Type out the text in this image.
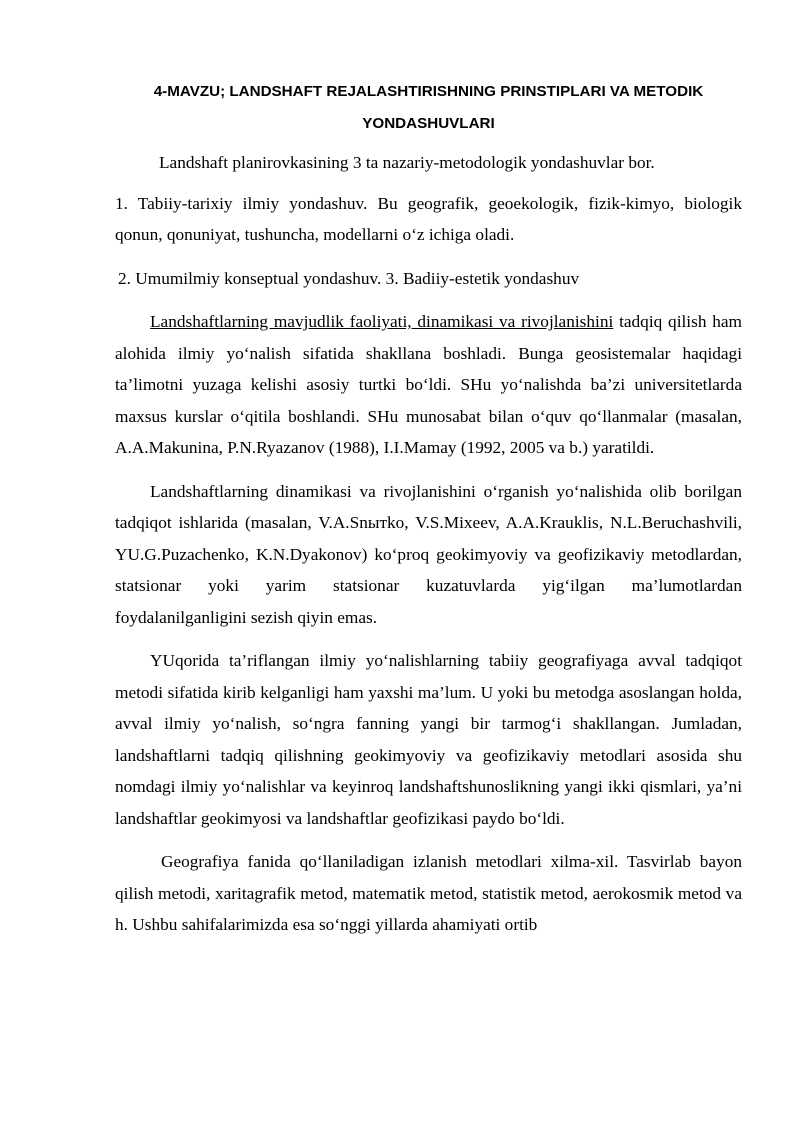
4-MAVZU; LANDSHAFT REJALASHTIRISHNING PRINSTIPLARI VA METODIK
YONDASHUVLARI

Landshaft planirovkasining 3 ta nazariy-metodologik yondashuvlar bor.

1. Tabiiy-tarixiy ilmiy yondashuv. Bu geografik, geoekologik, fizik-kimyo, biologik qonun, qonuniyat, tushuncha, modellarni o‘z ichiga oladi.

2. Umumilmiy konseptual yondashuv. 3. Badiiy-estetik yondashuv

Landshaftlarning mavjudlik faoliyati, dinamikasi va rivojlanishini tadqiq qilish ham alohida ilmiy yo‘nalish sifatida shakllana boshladi. Bunga geosistemalar haqidagi ta’limotni yuzaga kelishi asosiy turtki bo‘ldi. SHu yo‘nalishda ba’zi universitetlarda maxsus kurslar o‘qitila boshlandi. SHu munosabat bilan o‘quv qo‘llanmalar (masalan, A.A.Makunina, P.N.Ryazanov (1988), I.I.Mamay (1992, 2005 va b.) yaratildi.

Landshaftlarning dinamikasi va rivojlanishini o‘rganish yo‘nalishida olib borilgan tadqiqot ishlarida (masalan, V.A.Snытko, V.S.Mixeev, A.A.Krauklis, N.L.Beruchashvili, YU.G.Puzachenko, K.N.Dyakonov) ko‘proq geokimyoviy va geofizikaviy metodlardan, statsionar yoki yarim statsionar kuzatuvlarda yig‘ilgan ma’lumotlardan foydalanilganligini sezish qiyin emas.

YUqorida ta’riflangan ilmiy yo‘nalishlarning tabiiy geografiyaga avval tadqiqot metodi sifatida kirib kelganligi ham yaxshi ma’lum. U yoki bu metodga asoslangan holda, avval ilmiy yo‘nalish, so‘ngra fanning yangi bir tarmog‘i shakllangan. Jumladan, landshaftlarni tadqiq qilishning geokimyoviy va geofizikaviy metodlari asosida shu nomdagi ilmiy yo‘nalishlar va keyinroq landshaftshunoslikning yangi ikki qismlari, ya’ni landshaftlar geokimyosi va landshaftlar geofizikasi paydo bo‘ldi.

Geografiya fanida qo‘llaniladigan izlanish metodlari xilma-xil. Tasvirlab bayon qilish metodi, xaritagrafik metod, matematik metod, statistik metod, aerokosmik metod va h. Ushbu sahifalarimizda esa so‘nggi yillarda ahamiyati ortib
